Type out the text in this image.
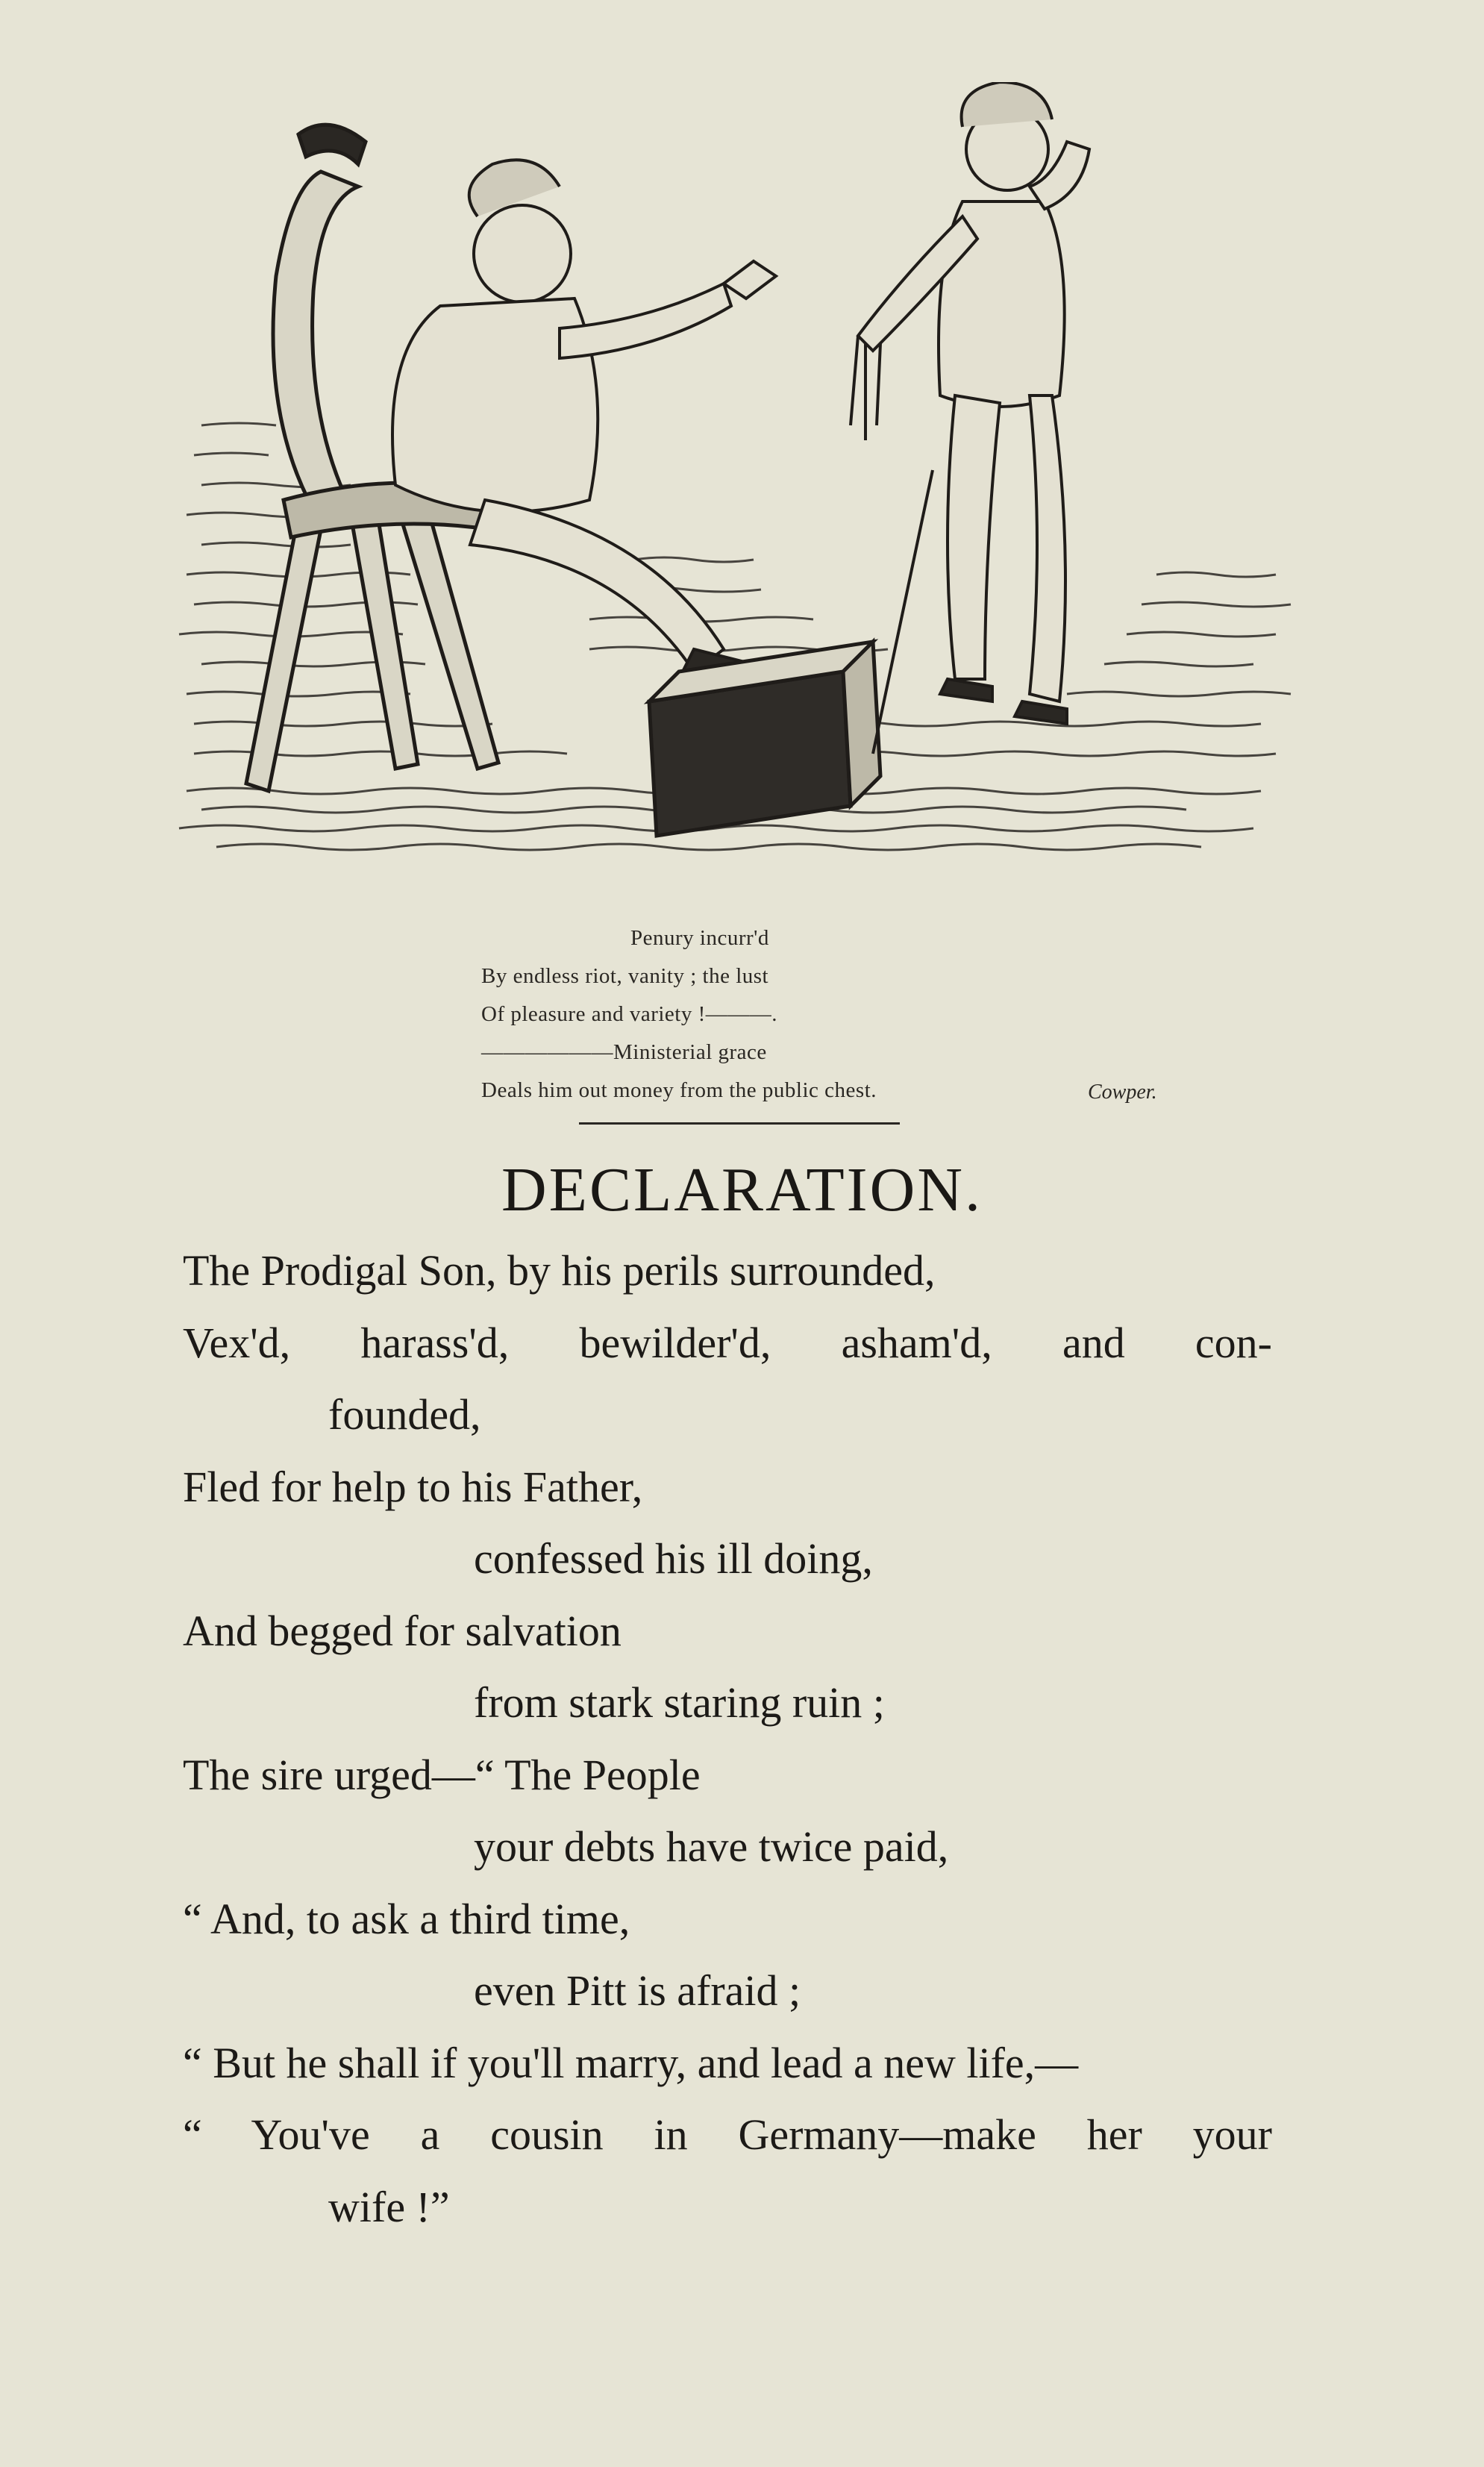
Penury incurr'd
By endless riot, vanity ; the lust
Of pleasure and variety !———.
——————Ministerial grace
Deals him out money from the public chest.	Cowper.
DECLARATION.
The Prodigal Son, by his perils surrounded,
Vex'd, harass'd, bewilder'd, asham'd, and con-
founded,
Fled for help to his Father,
confessed his ill doing,
And begged for salvation
from stark staring ruin ;
The sire urged—“ The People
your debts have twice paid,
“ And, to ask a third time,
even Pitt is afraid ;
“ But he shall if you'll marry, and lead a new life,—
“ You've a cousin in Germany—make her your
wife !”
